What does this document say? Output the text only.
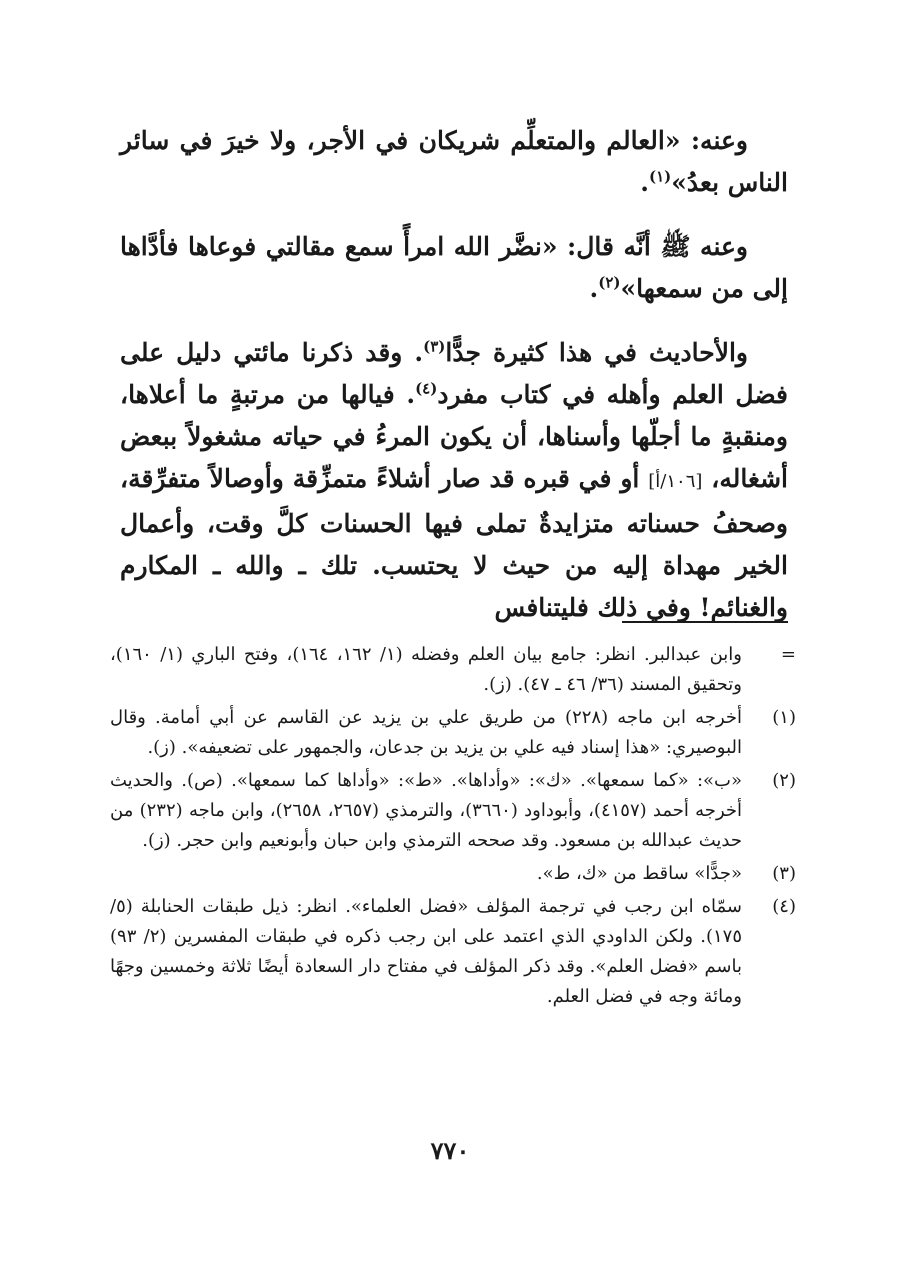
وعنه: «العالم والمتعلِّم شريكان في الأجر، ولا خيرَ في سائر الناس بعدُ»$^{(١)}$.

وعنه ﷺ أنَّه قال: «نضَّر الله امرأً سمع مقالتي فوعاها فأدَّاها إلى من سمعها»$^{(٢)}$.

والأحاديث في هذا كثيرة جدًّا$^{(٣)}$. وقد ذكرنا مائتي دليل على فضل العلم وأهله في كتاب مفرد$^{(٤)}$. فيالها من مرتبةٍ ما أعلاها، ومنقبةٍ ما أجلّها وأسناها، أن يكون المرءُ في حياته مشغولاً ببعض أشغاله، [١٠٦/أ] أو في قبره قد صار أشلاءً متمزِّقة وأوصالاً متفرِّقة، وصحفُ حسناته متزايدةٌ تملى فيها الحسنات كلَّ وقت، وأعمال الخير مهداة إليه من حيث لا يحتسب. تلك ـ والله ـ المكارم والغنائم! وفي ذلك فليتنافس

=
وابن عبدالبر. انظر: جامع بيان العلم وفضله (١/ ١٦٢، ١٦٤)، وفتح الباري (١/ ١٦٠)، وتحقيق المسند (٣٦/ ٤٦ ـ ٤٧). (ز).
(١)
أخرجه ابن ماجه (٢٢٨) من طريق علي بن يزيد عن القاسم عن أبي أمامة. وقال البوصيري: «هذا إسناد فيه علي بن يزيد بن جدعان، والجمهور على تضعيفه». (ز).
(٢)
«ب»: «كما سمعها». «ك»: «وأداها». «ط»: «وأداها كما سمعها». (ص). والحديث أخرجه أحمد (٤١٥٧)، وأبوداود (٣٦٦٠)، والترمذي (٢٦٥٧، ٢٦٥٨)، وابن ماجه (٢٣٢) من حديث عبدالله بن مسعود. وقد صححه الترمذي وابن حبان وأبونعيم وابن حجر. (ز).
(٣)
«جدًّا» ساقط من «ك، ط».
(٤)
سمّاه ابن رجب في ترجمة المؤلف «فضل العلماء». انظر: ذيل طبقات الحنابلة (٥/ ١٧٥). ولكن الداودي الذي اعتمد على ابن رجب ذكره في طبقات المفسرين (٢/ ٩٣) باسم «فضل العلم». وقد ذكر المؤلف في مفتاح دار السعادة أيضًا ثلاثة وخمسين وجهًا ومائة وجه في فضل العلم.
٧٧٠
